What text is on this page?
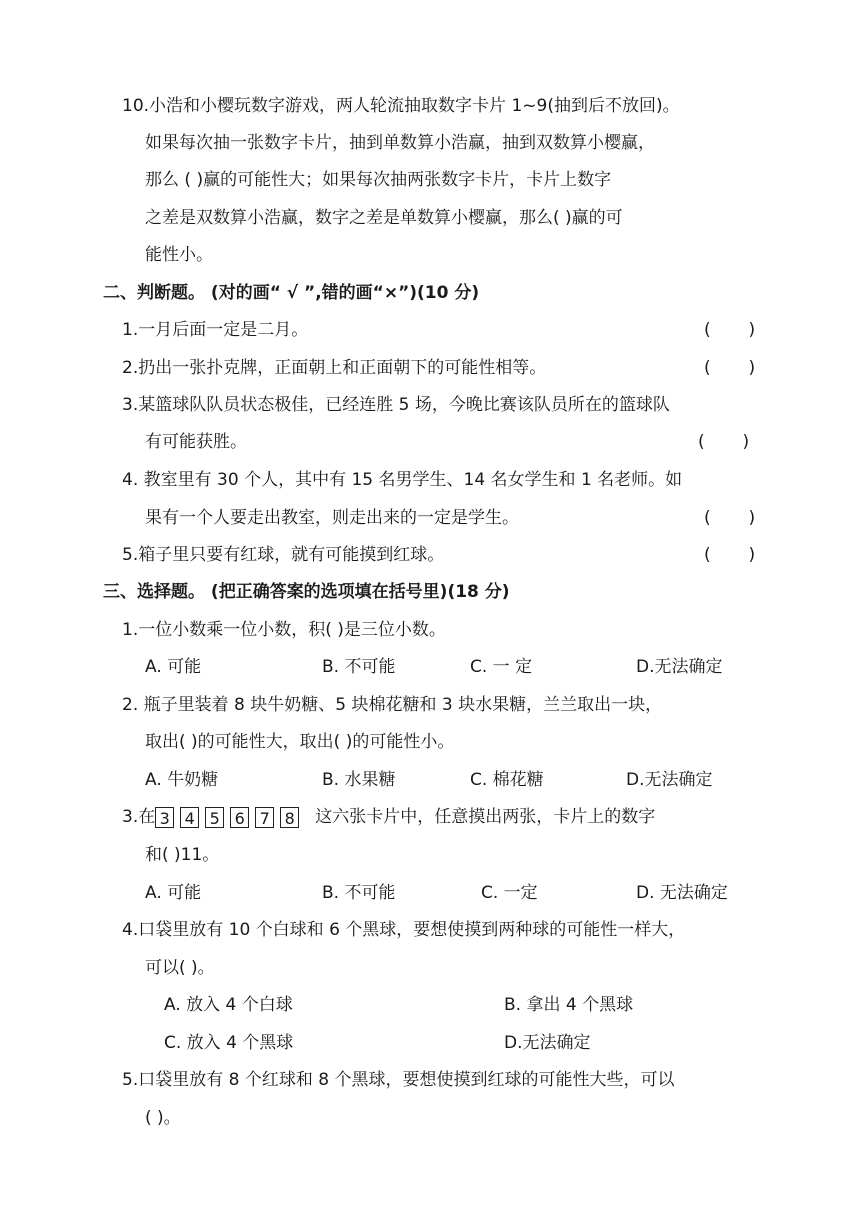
10.小浩和小樱玩数字游戏，两人轮流抽取数字卡片 1~9(抽到后不放回)。
如果每次抽一张数字卡片，抽到单数算小浩赢，抽到双数算小樱赢，
那么 ( )赢的可能性大；如果每次抽两张数字卡片，卡片上数字
之差是双数算小浩赢，数字之差是单数算小樱赢，那么( )赢的可
能性小。
二、判断题。 (对的画“ √ ”,错的画“×”)(10 分)
1.一月后面一定是二月。	(       )
2.扔出一张扑克牌，正面朝上和正面朝下的可能性相等。	(       )
3.某篮球队队员状态极佳，已经连胜 5 场，今晚比赛该队员所在的篮球队
有可能获胜。	(       )
4. 教室里有 30 个人，其中有 15 名男学生、14 名女学生和 1 名老师。如
果有一个人要走出教室，则走出来的一定是学生。	(       )
5.箱子里只要有红球，就有可能摸到红球。	(       )
三、选择题。 (把正确答案的选项填在括号里)(18 分)
1.一位小数乘一位小数，积( )是三位小数。
A. 可能	B. 不可能	C. 一 定	D.无法确定
2. 瓶子里装着 8 块牛奶糖、5 块棉花糖和 3 块水果糖，兰兰取出一块，
取出( )的可能性大，取出( )的可能性小。
A. 牛奶糖	B. 水果糖	C. 棉花糖	D.无法确定
3.在 3 4 5 6 7 8 这六张卡片中，任意摸出两张，卡片上的数字
和( )11。
A. 可能	B. 不可能	C. 一定	D. 无法确定
4.口袋里放有 10 个白球和 6 个黑球，要想使摸到两种球的可能性一样大，
可以( )。
A. 放入 4 个白球	B. 拿出 4 个黑球
C. 放入 4 个黑球	D.无法确定
5.口袋里放有 8 个红球和 8 个黑球，要想使摸到红球的可能性大些，可以
( )。
